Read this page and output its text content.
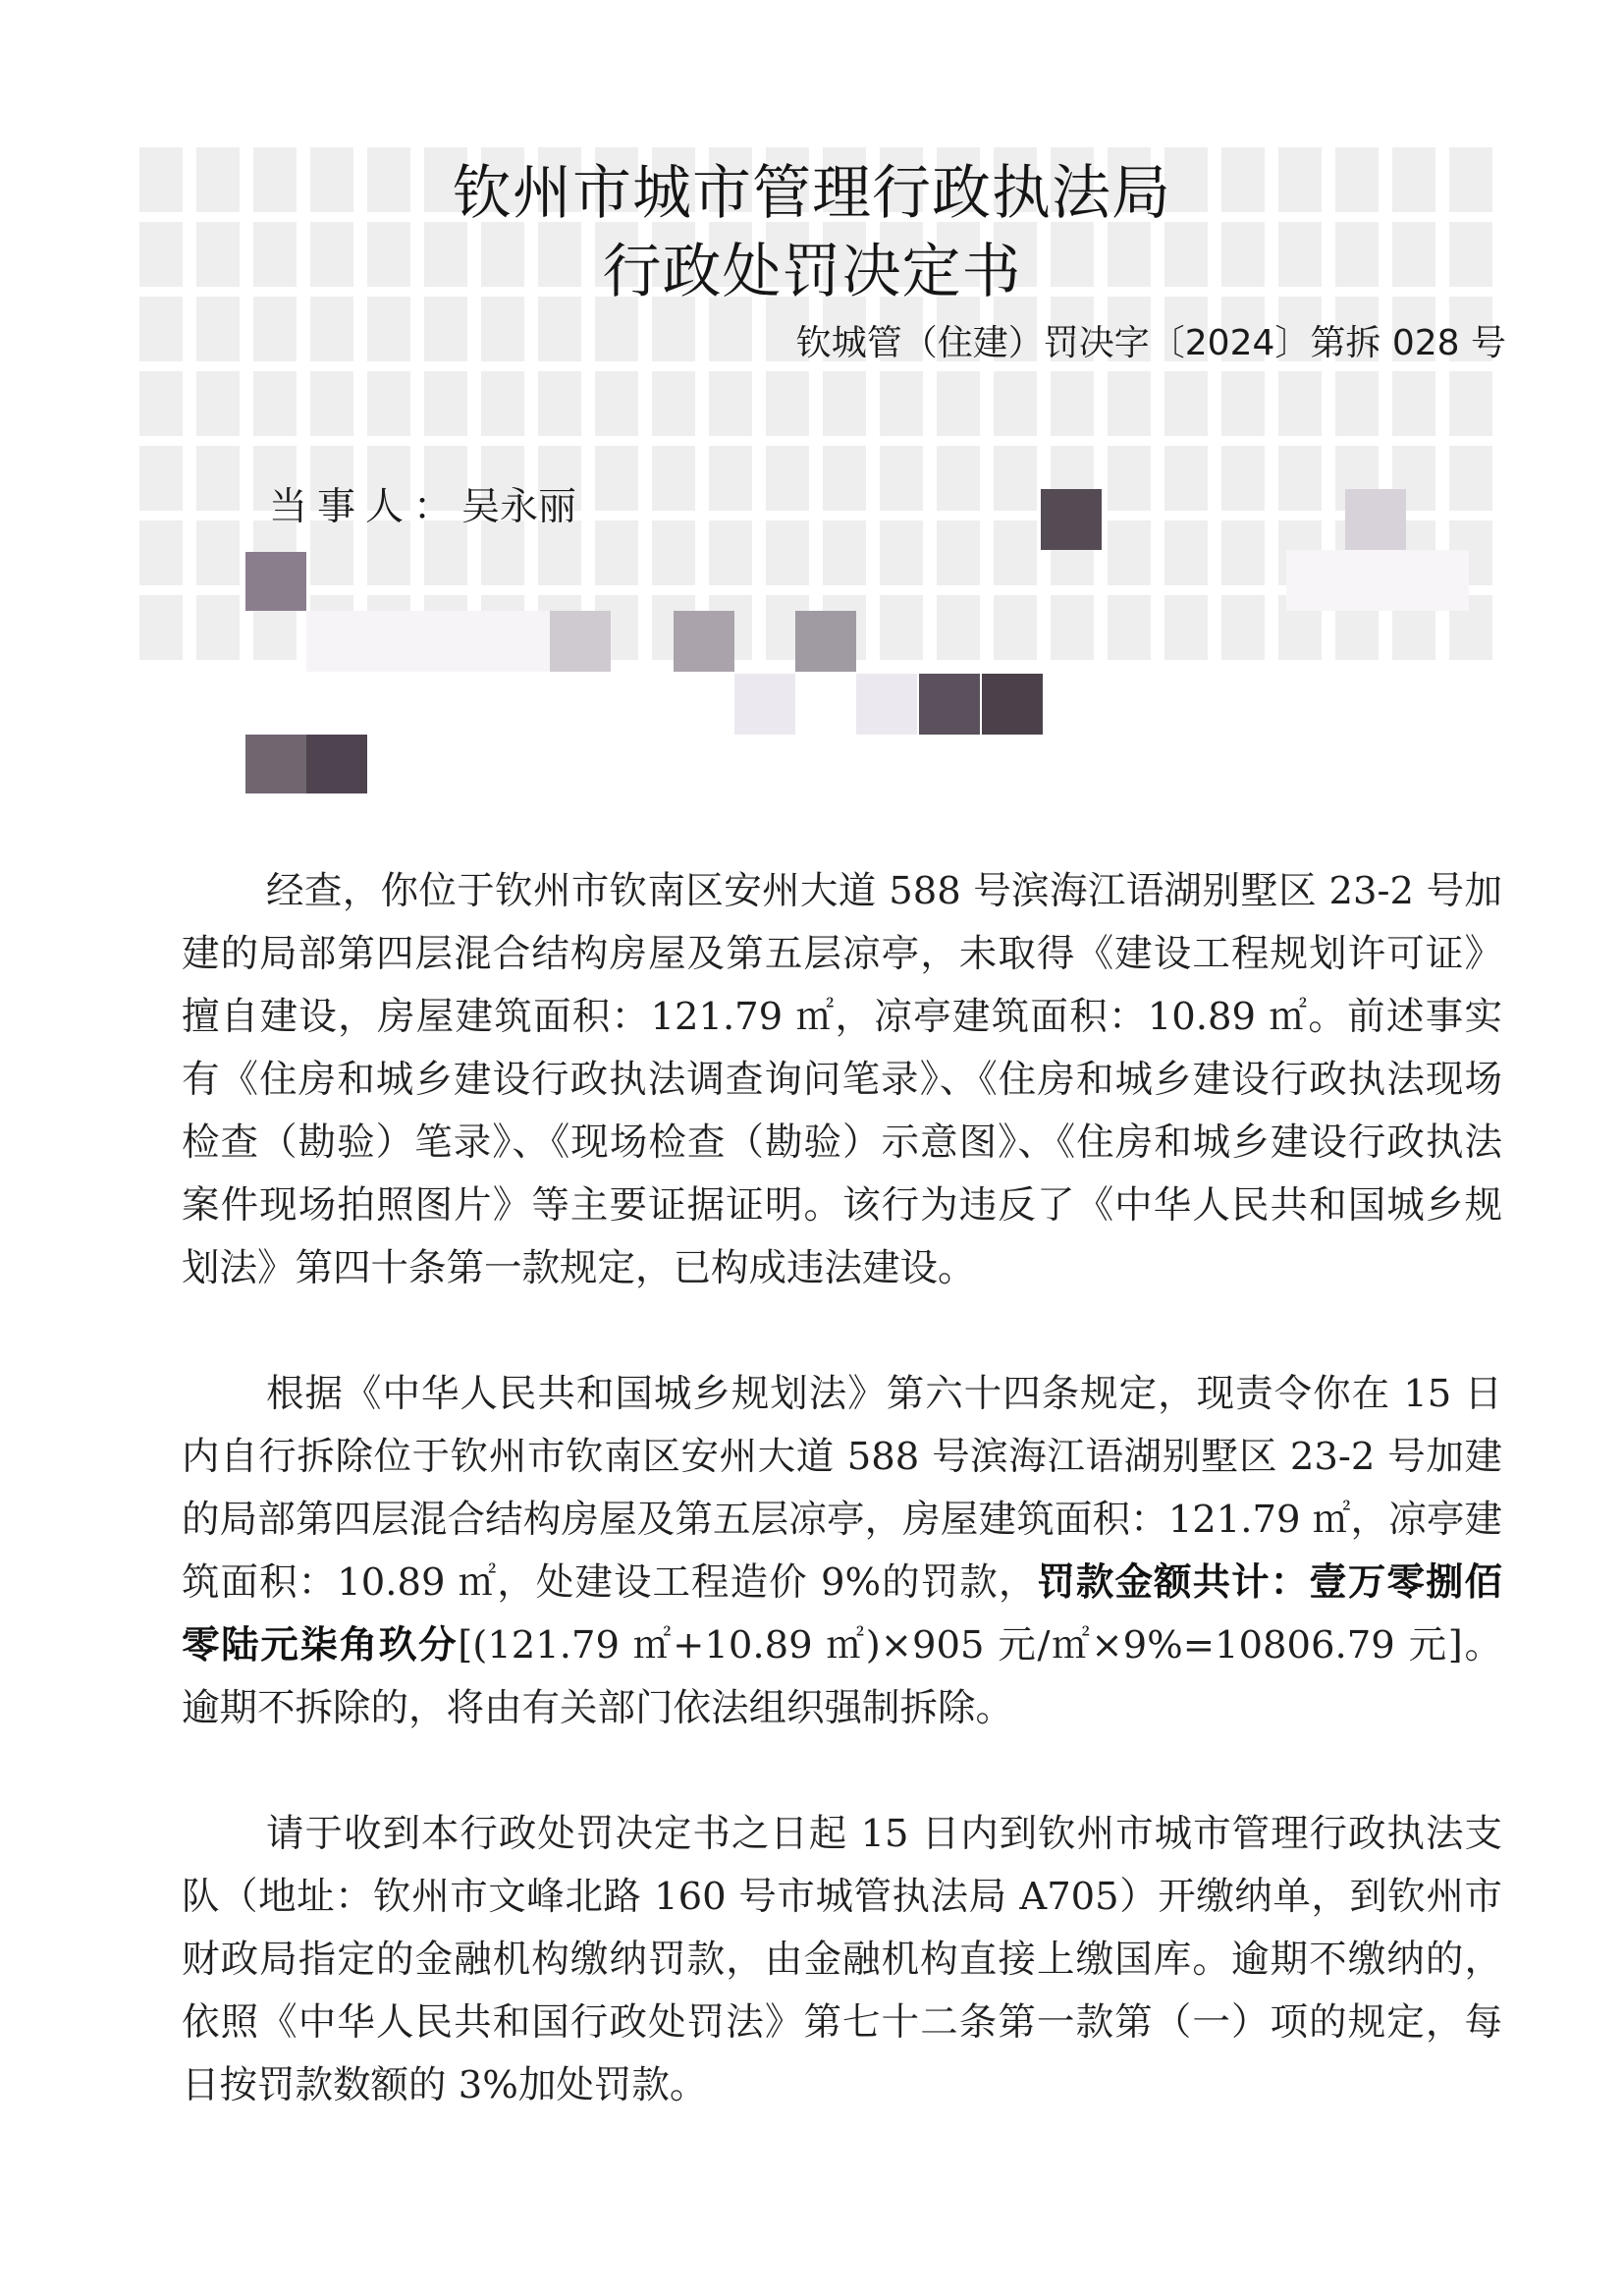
钦州市城市管理行政执法局
行政处罚决定书
钦城管（住建）罚决字〔2024〕第拆 028 号
当事人：吴永丽

经查，你位于钦州市钦南区安州大道 588 号滨海江语湖别墅区 23-2 号加建的局部第四层混合结构房屋及第五层凉亭，未取得《建设工程规划许可证》擅自建设，房屋建筑面积：121.79 ㎡，凉亭建筑面积：10.89 ㎡。前述事实有《住房和城乡建设行政执法调查询问笔录》、《住房和城乡建设行政执法现场检查（勘验）笔录》、《现场检查（勘验）示意图》、《住房和城乡建设行政执法案件现场拍照图片》等主要证据证明。该行为违反了《中华人民共和国城乡规划法》第四十条第一款规定，已构成违法建设。

根据《中华人民共和国城乡规划法》第六十四条规定，现责令你在 15 日内自行拆除位于钦州市钦南区安州大道 588 号滨海江语湖别墅区 23-2 号加建的局部第四层混合结构房屋及第五层凉亭，房屋建筑面积：121.79 ㎡，凉亭建筑面积：10.89 ㎡，处建设工程造价 9%的罚款，罚款金额共计：壹万零捌佰零陆元柒角玖分[(121.79 ㎡+10.89 ㎡)×905 元/㎡×9%=10806.79 元]。逾期不拆除的，将由有关部门依法组织强制拆除。

请于收到本行政处罚决定书之日起 15 日内到钦州市城市管理行政执法支队（地址：钦州市文峰北路 160 号市城管执法局 A705）开缴纳单，到钦州市财政局指定的金融机构缴纳罚款，由金融机构直接上缴国库。逾期不缴纳的，依照《中华人民共和国行政处罚法》第七十二条第一款第（一）项的规定，每日按罚款数额的 3%加处罚款。
